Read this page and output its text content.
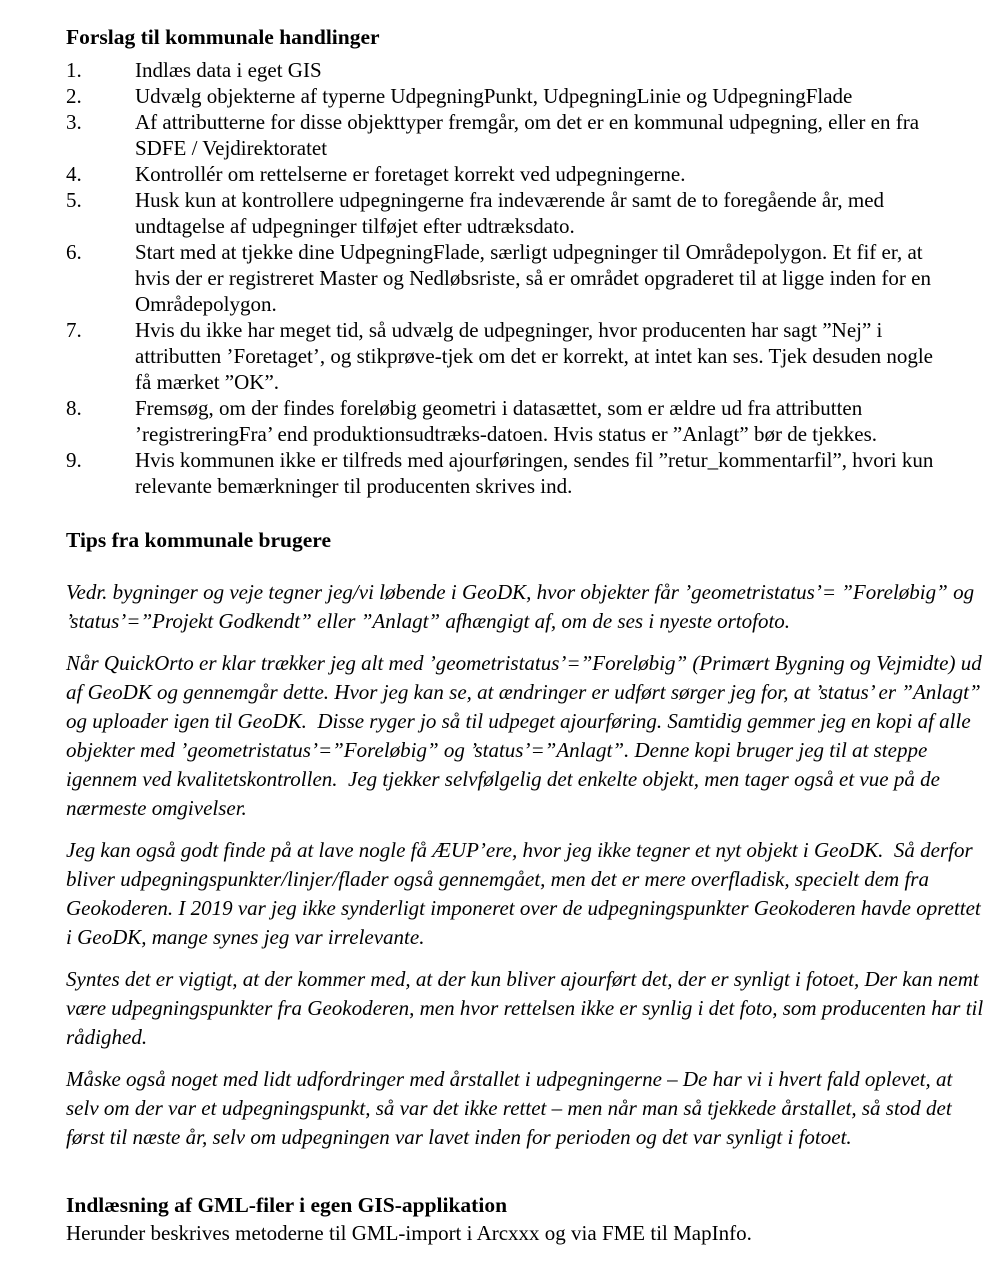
Forslag til kommunale handlinger

1.	Indlæs data i eget GIS
2.	Udvælg objekterne af typerne UdpegningPunkt, UdpegningLinie og UdpegningFlade
3.	Af attributterne for disse objekttyper fremgår, om det er en kommunal udpegning, eller en fra SDFE / Vejdirektoratet
4.	Kontrollér om rettelserne er foretaget korrekt ved udpegningerne.
5.	Husk kun at kontrollere udpegningerne fra indeværende år samt de to foregående år, med undtagelse af udpegninger tilføjet efter udtræksdato.
6.	Start med at tjekke dine UdpegningFlade, særligt udpegninger til Områdepolygon. Et fif er, at hvis der er registreret Master og Nedløbsriste, så er området opgraderet til at ligge inden for en Områdepolygon.
7.	Hvis du ikke har meget tid, så udvælg de udpegninger, hvor producenten har sagt ”Nej” i attributten ’Foretaget’, og stikprøve-tjek om det er korrekt, at intet kan ses. Tjek desuden nogle få mærket ”OK”.
8.	Fremsøg, om der findes foreløbig geometri i datasættet, som er ældre ud fra attributten ’registreringFra’ end produktionsudtræks-datoen. Hvis status er ”Anlagt” bør de tjekkes.
9.	Hvis kommunen ikke er tilfreds med ajourføringen, sendes fil ”retur_kommentarfil”, hvori kun relevante bemærkninger til producenten skrives ind.

Tips fra kommunale brugere

Vedr. bygninger og veje tegner jeg/vi løbende i GeoDK, hvor objekter får ’geometristatus’= ”Foreløbig” og ’status’=”Projekt Godkendt” eller ”Anlagt” afhængigt af, om de ses i nyeste ortofoto.

Når QuickOrto er klar trækker jeg alt med ’geometristatus’=”Foreløbig” (Primært Bygning og Vejmidte) ud af GeoDK og gennemgår dette. Hvor jeg kan se, at ændringer er udført sørger jeg for, at ’status’ er ”Anlagt” og uploader igen til GeoDK.  Disse ryger jo så til udpeget ajourføring. Samtidig gemmer jeg en kopi af alle objekter med ’geometristatus’=”Foreløbig” og ’status’=”Anlagt”. Denne kopi bruger jeg til at steppe igennem ved kvalitetskontrollen.  Jeg tjekker selvfølgelig det enkelte objekt, men tager også et vue på de nærmeste omgivelser.

Jeg kan også godt finde på at lave nogle få ÆUP’ere, hvor jeg ikke tegner et nyt objekt i GeoDK.  Så derfor bliver udpegningspunkter/linjer/flader også gennemgået, men det er mere overfladisk, specielt dem fra Geokoderen. I 2019 var jeg ikke synderligt imponeret over de udpegningspunkter Geokoderen havde oprettet i GeoDK, mange synes jeg var irrelevante.

Syntes det er vigtigt, at der kommer med, at der kun bliver ajourført det, der er synligt i fotoet, Der kan nemt være udpegningspunkter fra Geokoderen, men hvor rettelsen ikke er synlig i det foto, som producenten har til rådighed.

Måske også noget med lidt udfordringer med årstallet i udpegningerne – De har vi i hvert fald oplevet, at selv om der var et udpegningspunkt, så var det ikke rettet – men når man så tjekkede årstallet, så stod det først til næste år, selv om udpegningen var lavet inden for perioden og det var synligt i fotoet.

Indlæsning af GML-filer i egen GIS-applikation

Herunder beskrives metoderne til GML-import i Arcxxx og via FME til MapInfo.
